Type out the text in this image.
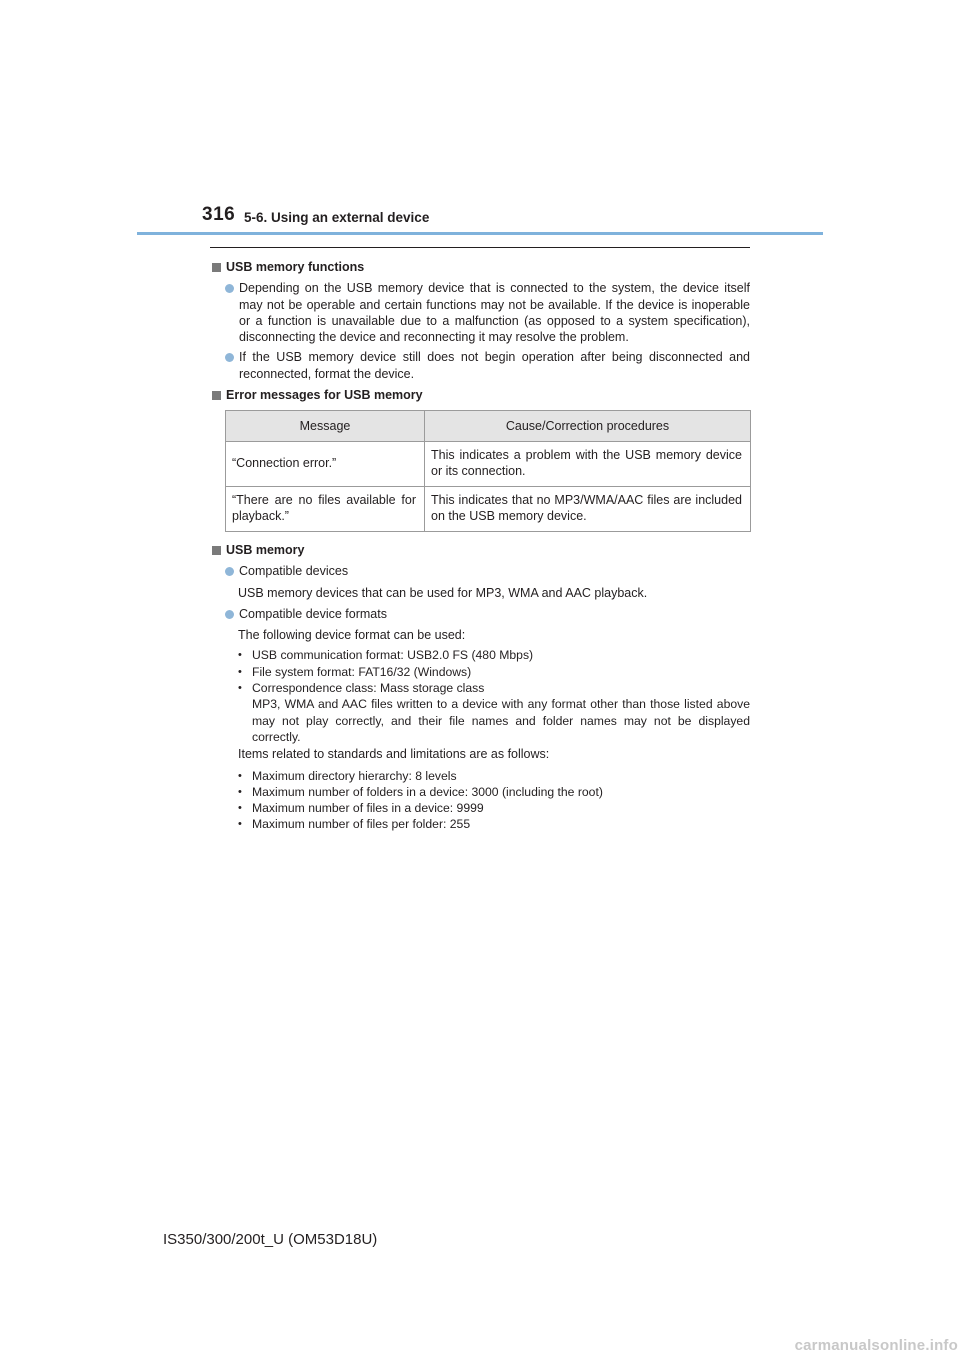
316 5-6. Using an external device
USB memory functions
Depending on the USB memory device that is connected to the system, the device itself may not be operable and certain functions may not be available. If the device is inoperable or a function is unavailable due to a malfunction (as opposed to a system specification), disconnecting the device and reconnecting it may resolve the problem.
If the USB memory device still does not begin operation after being disconnected and reconnected, format the device.
Error messages for USB memory
Message	Cause/Correction procedures
“Connection error.”	This indicates a problem with the USB memory device or its connection.
“There are no files available for playback.”	This indicates that no MP3/WMA/AAC files are included on the USB memory device.
USB memory
Compatible devices
USB memory devices that can be used for MP3, WMA and AAC playback.
Compatible device formats
The following device format can be used:
• USB communication format: USB2.0 FS (480 Mbps)
• File system format: FAT16/32 (Windows)
• Correspondence class: Mass storage class
MP3, WMA and AAC files written to a device with any format other than those listed above may not play correctly, and their file names and folder names may not be displayed correctly.
Items related to standards and limitations are as follows:
• Maximum directory hierarchy: 8 levels
• Maximum number of folders in a device: 3000 (including the root)
• Maximum number of files in a device: 9999
• Maximum number of files per folder: 255
IS350/300/200t_U (OM53D18U)
carmanualsonline.info
